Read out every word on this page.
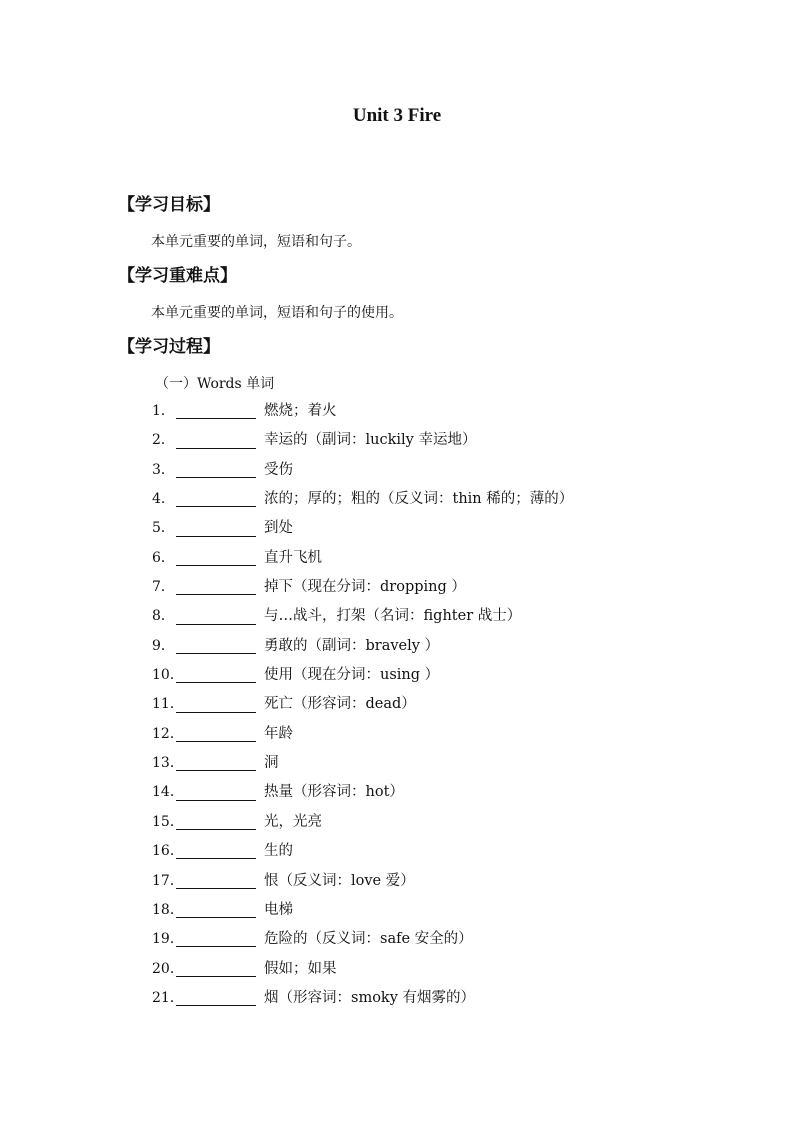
Unit 3 Fire
【学习目标】
本单元重要的单词，短语和句子。
【学习重难点】
本单元重要的单词，短语和句子的使用。
【学习过程】
（一）Words 单词
1．	燃烧；着火
2．	幸运的（副词：luckily 幸运地）
3．	受伤
4．	浓的；厚的；粗的（反义词：thin 稀的；薄的）
5．	到处
6．	直升飞机
7．	掉下（现在分词：dropping ）
8．	与…战斗，打架（名词：fighter 战士）
9．	勇敢的（副词：bravely ）
10．	使用（现在分词：using ）
11．	死亡（形容词：dead）
12．	年龄
13．	洞
14．	热量（形容词：hot）
15．	光，光亮
16．	生的
17．	恨（反义词：love 爱）
18．	电梯
19．	危险的（反义词：safe 安全的）
20.	假如；如果
21．	烟（形容词：smoky 有烟雾的）
